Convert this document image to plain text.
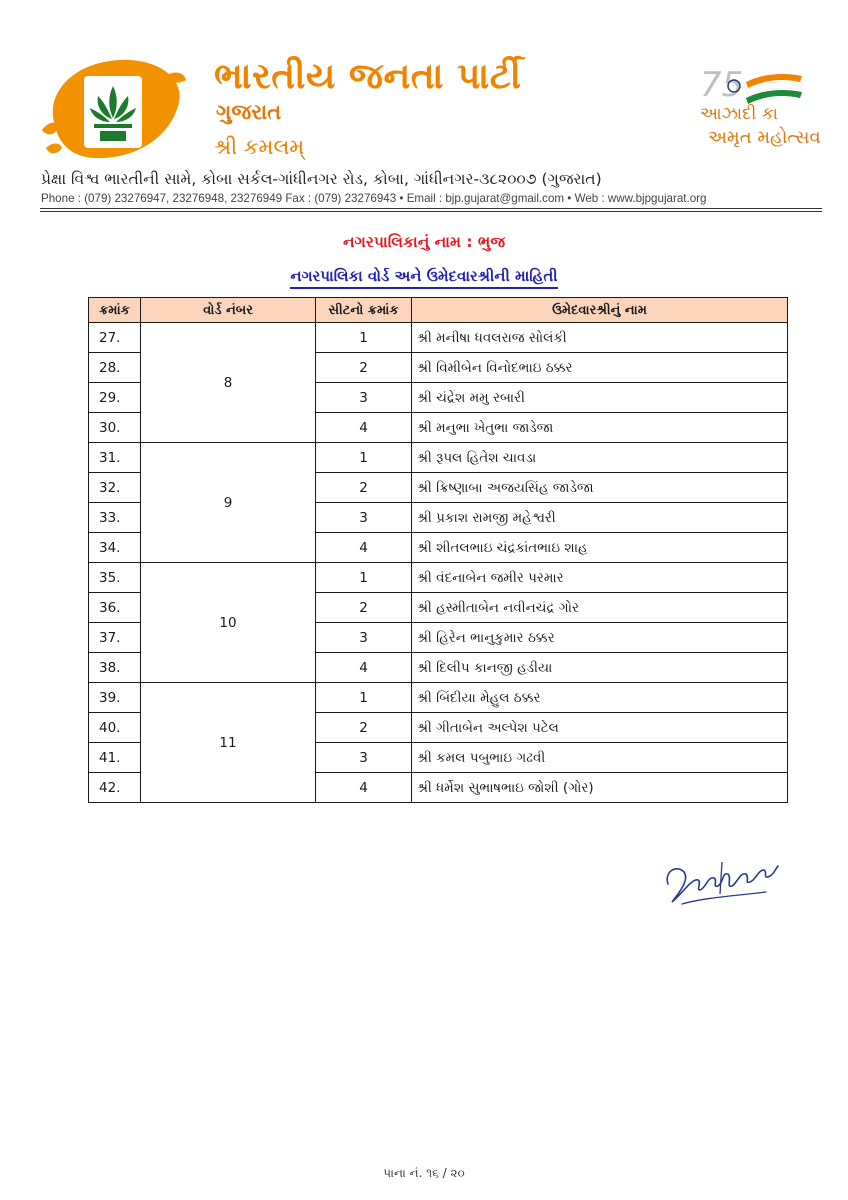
ભારતીય જનતા પાર્ટી
ગુજરાત
શ્રી કમલમ્
75
આઝાદી કા
અમૃત મહોત્સવ
પ્રેક્ષા વિશ્વ ભારતીની સામે, કોબા સર્કલ-ગાંધીનગર રોડ, કોબા, ગાંધીનગર-૩૮૨૦૦૭ (ગુજરાત)
Phone : (079) 23276947, 23276948, 23276949 Fax : (079) 23276943 • Email : bjp.gujarat@gmail.com • Web : www.bjpgujarat.org
નગરપાલિકાનું નામ : ભુજ
નગરપાલિકા વોર્ડ અને ઉમેદવારશ્રીની માહિતી
ક્રમાંક	વોર્ડ નંબર	સીટનો ક્રમાંક	ઉમેદવારશ્રીનું નામ
27.	8	1	શ્રી મનીષા ધવલરાજ સોલંકી
28.		2	શ્રી વિમીબેન વિનોદભાઇ ઠક્કર
29.		3	શ્રી ચંદ્રેશ મમુ રબારી
30.		4	શ્રી મનુભા ખેતુભા જાડેજા
31.	9	1	શ્રી રૂપલ હિતેશ ચાવડા
32.		2	શ્રી ક્રિષ્ણાબા અજયસિંહ જાડેજા
33.		3	શ્રી પ્રકાશ રામજી મહેશ્વરી
34.		4	શ્રી શીતલભાઇ ચંદ્રકાંતભાઇ શાહ
35.	10	1	શ્રી વંદનાબેન જમીર પરમાર
36.		2	શ્રી હસ્મીતાબેન નવીનચંદ્ર ગોર
37.		3	શ્રી હિરેન ભાનુકુમાર ઠક્કર
38.		4	શ્રી દિલીપ કાનજી હડીયા
39.	11	1	શ્રી બિંદીયા મેહુલ ઠક્કર
40.		2	શ્રી ગીતાબેન અલ્પેશ પટેલ
41.		3	શ્રી કમલ પબુભાઇ ગઢવી
42.		4	શ્રી ધર્મેશ સુભાષભાઇ જોશી (ગોર)
પાના નં. ૧૬ / ૨૦
